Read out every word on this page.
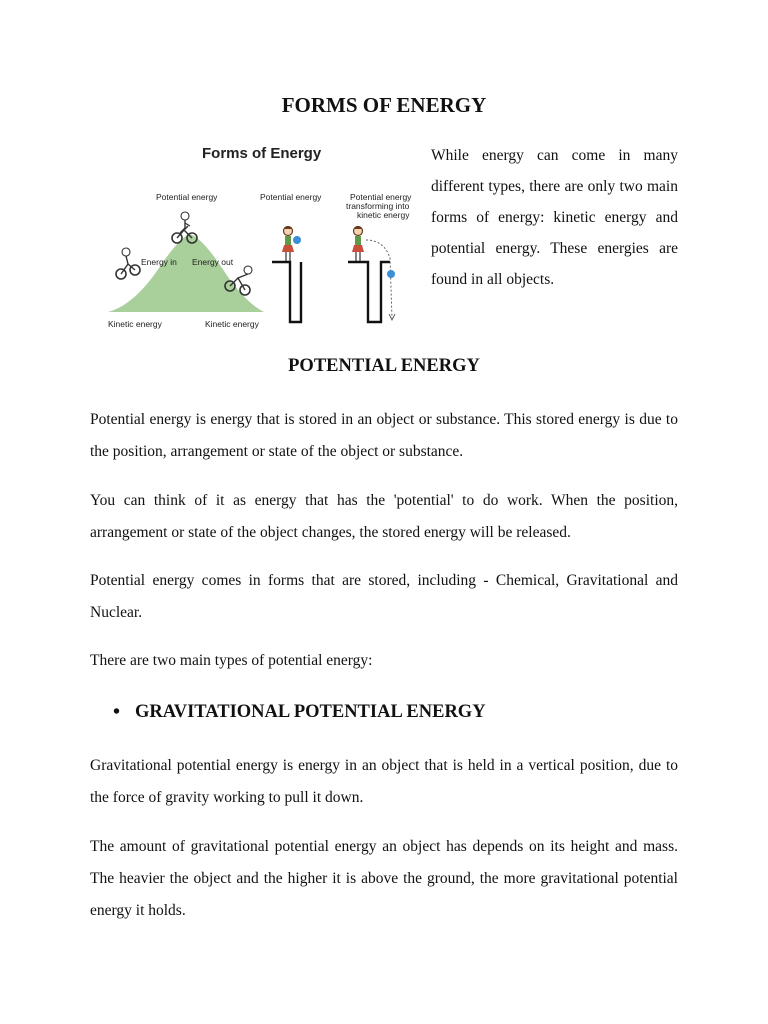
FORMS OF ENERGY
Forms of Energy
Potential energy
Energy in Energy out
Kinetic energy	Kinetic energy
Potential energy	Potential energy
transforming into
kinetic energy

While energy can come in many different types, there are only two main forms of energy: kinetic energy and potential energy. These energies are found in all objects.

POTENTIAL ENERGY

Potential energy is energy that is stored in an object or substance. This stored energy is due to the position, arrangement or state of the object or substance.

You can think of it as energy that has the 'potential' to do work. When the position, arrangement or state of the object changes, the stored energy will be released.

Potential energy comes in forms that are stored, including - Chemical, Gravitational and Nuclear.

There are two main types of potential energy:

• GRAVITATIONAL POTENTIAL ENERGY

Gravitational potential energy is energy in an object that is held in a vertical position, due to the force of gravity working to pull it down.

The amount of gravitational potential energy an object has depends on its height and mass. The heavier the object and the higher it is above the ground, the more gravitational potential energy it holds.
